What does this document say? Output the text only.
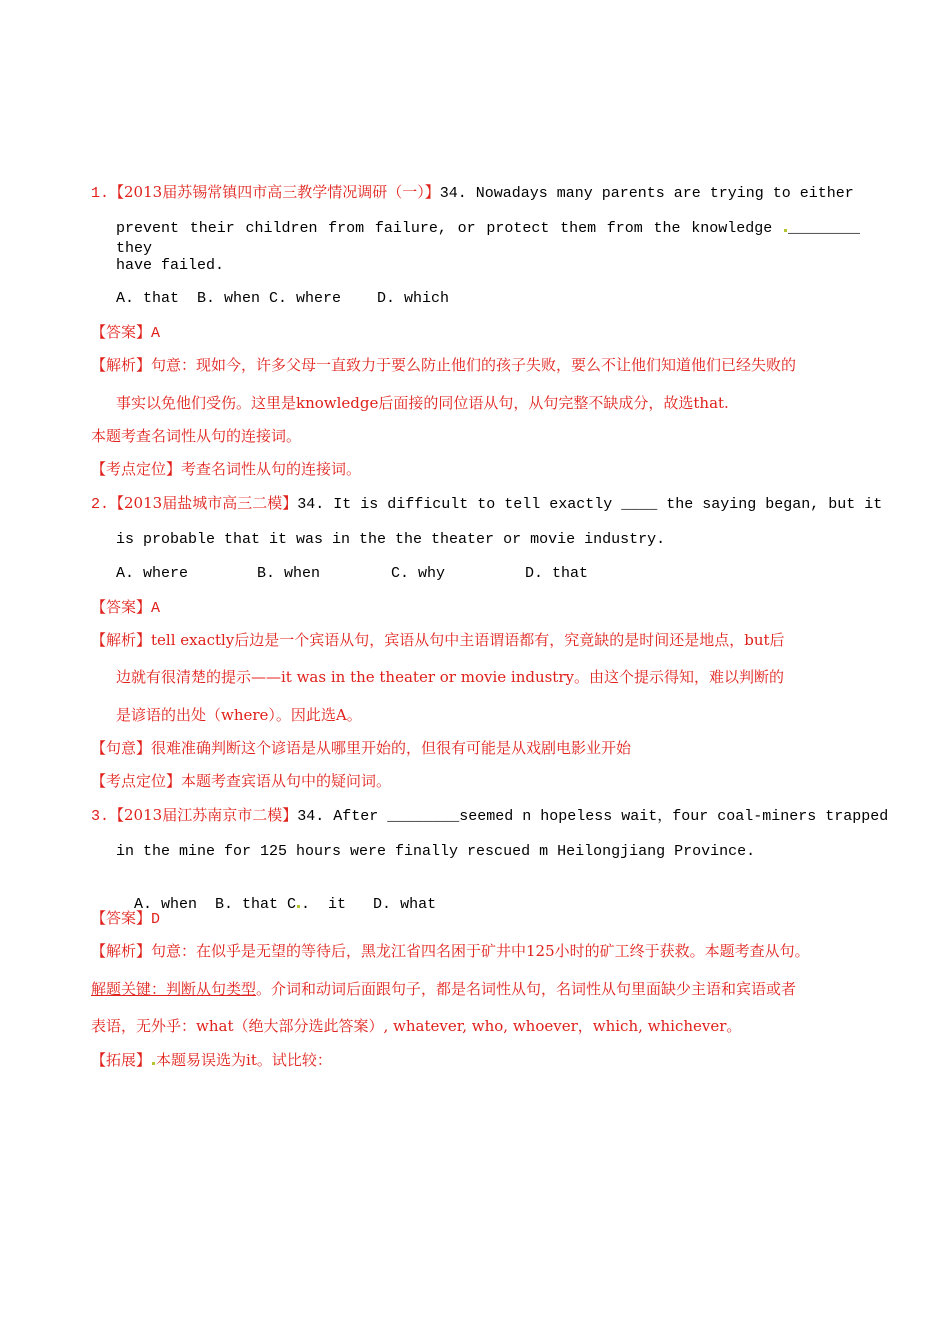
1.【2013届苏锡常镇四市高三教学情况调研（一）】34. Nowadays many parents are trying to either
prevent their children from failure, or protect them from the knowledge ________ they
have failed.
A. that  B. when C. where    D. which
【答案】A
【解析】句意：现如今，许多父母一直致力于要么防止他们的孩子失败，要么不让他们知道他们已经失败的
事实以免他们受伤。这里是knowledge后面接的同位语从句，从句完整不缺成分，故选that.
本题考查名词性从句的连接词。
【考点定位】考查名词性从句的连接词。
2.【2013届盐城市高三二模】34. It is difficult to tell exactly ____ the saying began, but it
is probable that it was in the the theater or movie industry.
A. where	B. when	C. why	D. that
【答案】A
【解析】tell exactly后边是一个宾语从句，宾语从句中主语谓语都有，究竟缺的是时间还是地点，but后
边就有很清楚的提示——it was in the theater or movie industry。由这个提示得知，难以判断的
是谚语的出处（where）。因此选A。
【句意】很难准确判断这个谚语是从哪里开始的，但很有可能是从戏剧电影业开始
【考点定位】本题考查宾语从句中的疑问词。
3.【2013届江苏南京市二模】34. After ________seemed n hopeless wait，four coal-miners trapped
in the mine for 125 hours were finally rescued m Heilongjiang Province.

A. when  B. that C .  it   D. what

【答案】D
【解析】句意：在似乎是无望的等待后，黑龙江省四名困于矿井中125小时的矿工终于获救。本题考查从句。
解题关键：判断从句类型。介词和动词后面跟句子，都是名词性从句，名词性从句里面缺少主语和宾语或者
表语，无外乎：what（绝大部分选此答案）, whatever, who, whoever，which, whichever。
【拓展】 本题易误选为it。试比较：
